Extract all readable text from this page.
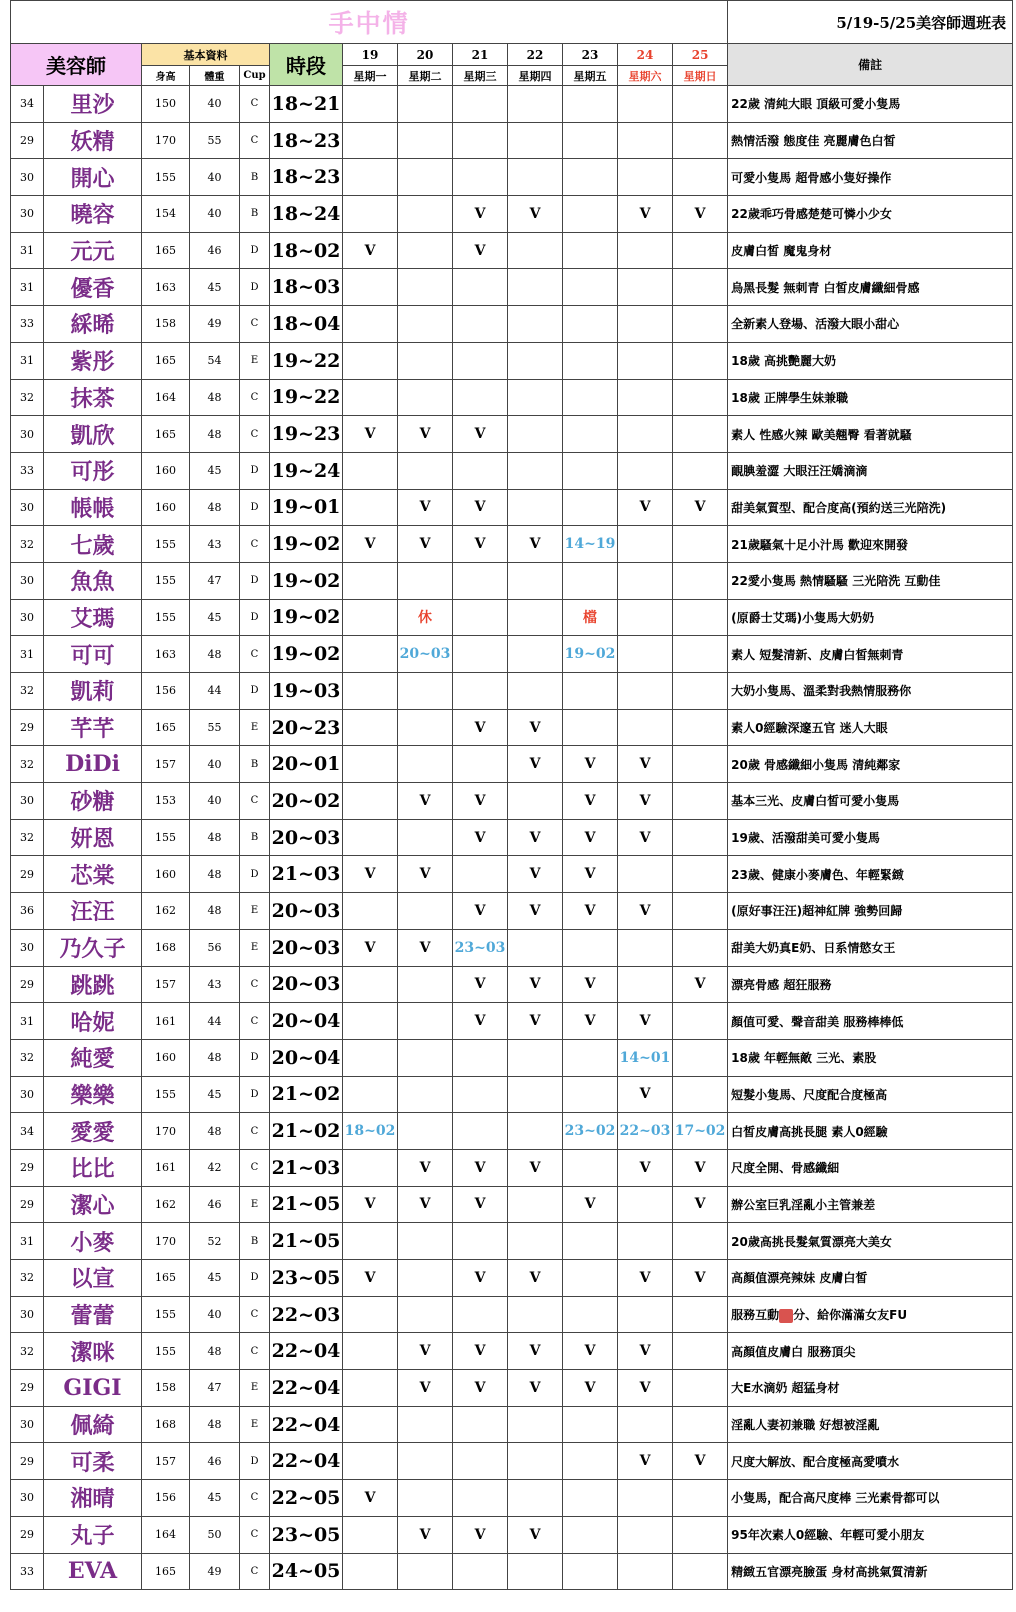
手中情													5/19-5/25美容師週班表
美容師		基本資料			時段	19	20	21	22	23	24	25	備註
		身高	體重	Cup		星期一	星期二	星期三	星期四	星期五	星期六	星期日	
34	里沙	150	40	C	18~21								22歲 清純大眼 頂級可愛小隻馬
29	妖精	170	55	C	18~23								熱情活潑 態度佳 亮麗膚色白皙
30	開心	155	40	B	18~23								可愛小隻馬 超骨感小隻好操作
30	曉容	154	40	B	18~24			V	V		V	V	22歲乖巧骨感楚楚可憐小少女
31	元元	165	46	D	18~02	V		V					皮膚白皙 魔鬼身材
31	優香	163	45	D	18~03								烏黑長髮 無刺青 白皙皮膚纖細骨感
33	綵晞	158	49	C	18~04								全新素人登場、活潑大眼小甜心
31	紫彤	165	54	E	19~22								18歲 高挑艷麗大奶
32	抹茶	164	48	C	19~22								18歲 正牌學生妹兼職
30	凱欣	165	48	C	19~23	V	V	V					素人 性感火辣 歐美翹臀 看著就騷
33	可彤	160	45	D	19~24								靦腆羞澀 大眼汪汪嬌滴滴
30	帳帳	160	48	D	19~01		V	V			V	V	甜美氣質型、配合度高(預約送三光陪洗)
32	七歲	155	43	C	19~02	V	V	V	V	14~19			21歲騷氣十足小汁馬 歡迎來開發
30	魚魚	155	47	D	19~02								22愛小隻馬 熱情騷騷 三光陪洗 互動佳
30	艾瑪	155	45	D	19~02		休			檔			(原爵士艾瑪)小隻馬大奶奶
31	可可	163	48	C	19~02		20~03			19~02			素人 短髮清新、皮膚白皙無刺青
32	凱莉	156	44	D	19~03								大奶小隻馬、溫柔對我熱情服務你
29	芊芊	165	55	E	20~23			V	V				素人0經驗深邃五官 迷人大眼
32	DiDi	157	40	B	20~01				V	V	V		20歲 骨感纖細小隻馬 清純鄰家
30	砂糖	153	40	C	20~02		V	V		V	V		基本三光、皮膚白皙可愛小隻馬
32	妍恩	155	48	B	20~03			V	V	V	V		19歲、活潑甜美可愛小隻馬
29	芯棠	160	48	D	21~03	V	V		V	V			23歲、健康小麥膚色、年輕緊緻
36	汪汪	162	48	E	20~03			V	V	V	V		(原好事汪汪)超神紅牌 強勢回歸
30	乃久子	168	56	E	20~03	V	V	23~03					甜美大奶真E奶、日系情慾女王
29	跳跳	157	43	C	20~03			V	V	V		V	漂亮骨感 超狂服務
31	哈妮	161	44	C	20~04			V	V	V	V		顏值可愛、聲音甜美 服務棒棒低
32	純愛	160	48	D	20~04						14~01		18歲 年輕無敵 三光、素股
30	樂樂	155	45	D	21~02						V		短髮小隻馬、尺度配合度極高
34	愛愛	170	48	C	21~02	18~02				23~02	22~03	17~02	白皙皮膚高挑長腿 素人0經驗
29	比比	161	42	C	21~03		V	V	V		V	V	尺度全開、骨感纖細
29	潔心	162	46	E	21~05	V	V	V		V		V	辦公室巨乳淫亂小主管兼差
31	小麥	170	52	B	21~05								20歲高挑長髮氣質漂亮大美女
32	以宣	165	45	D	23~05	V		V	V		V	V	高顏值漂亮辣妹 皮膚白皙
30	蕾蕾	155	40	C	22~03								服務互動 分、給你滿滿女友FU
32	潔咪	155	48	C	22~04		V	V	V	V	V		高顏值皮膚白 服務頂尖
29	GIGI	158	47	E	22~04		V	V	V	V	V		大E水滴奶 超猛身材
30	佩綺	168	48	E	22~04								淫亂人妻初兼職 好想被淫亂
29	可柔	157	46	D	22~04						V	V	尺度大解放、配合度極高愛噴水
30	湘晴	156	45	C	22~05	V							小隻馬，配合高尺度棒 三光素骨都可以
29	丸子	164	50	C	23~05		V	V	V				95年次素人0經驗、年輕可愛小朋友
33	EVA	165	49	C	24~05								精緻五官漂亮臉蛋 身材高挑氣質清新
